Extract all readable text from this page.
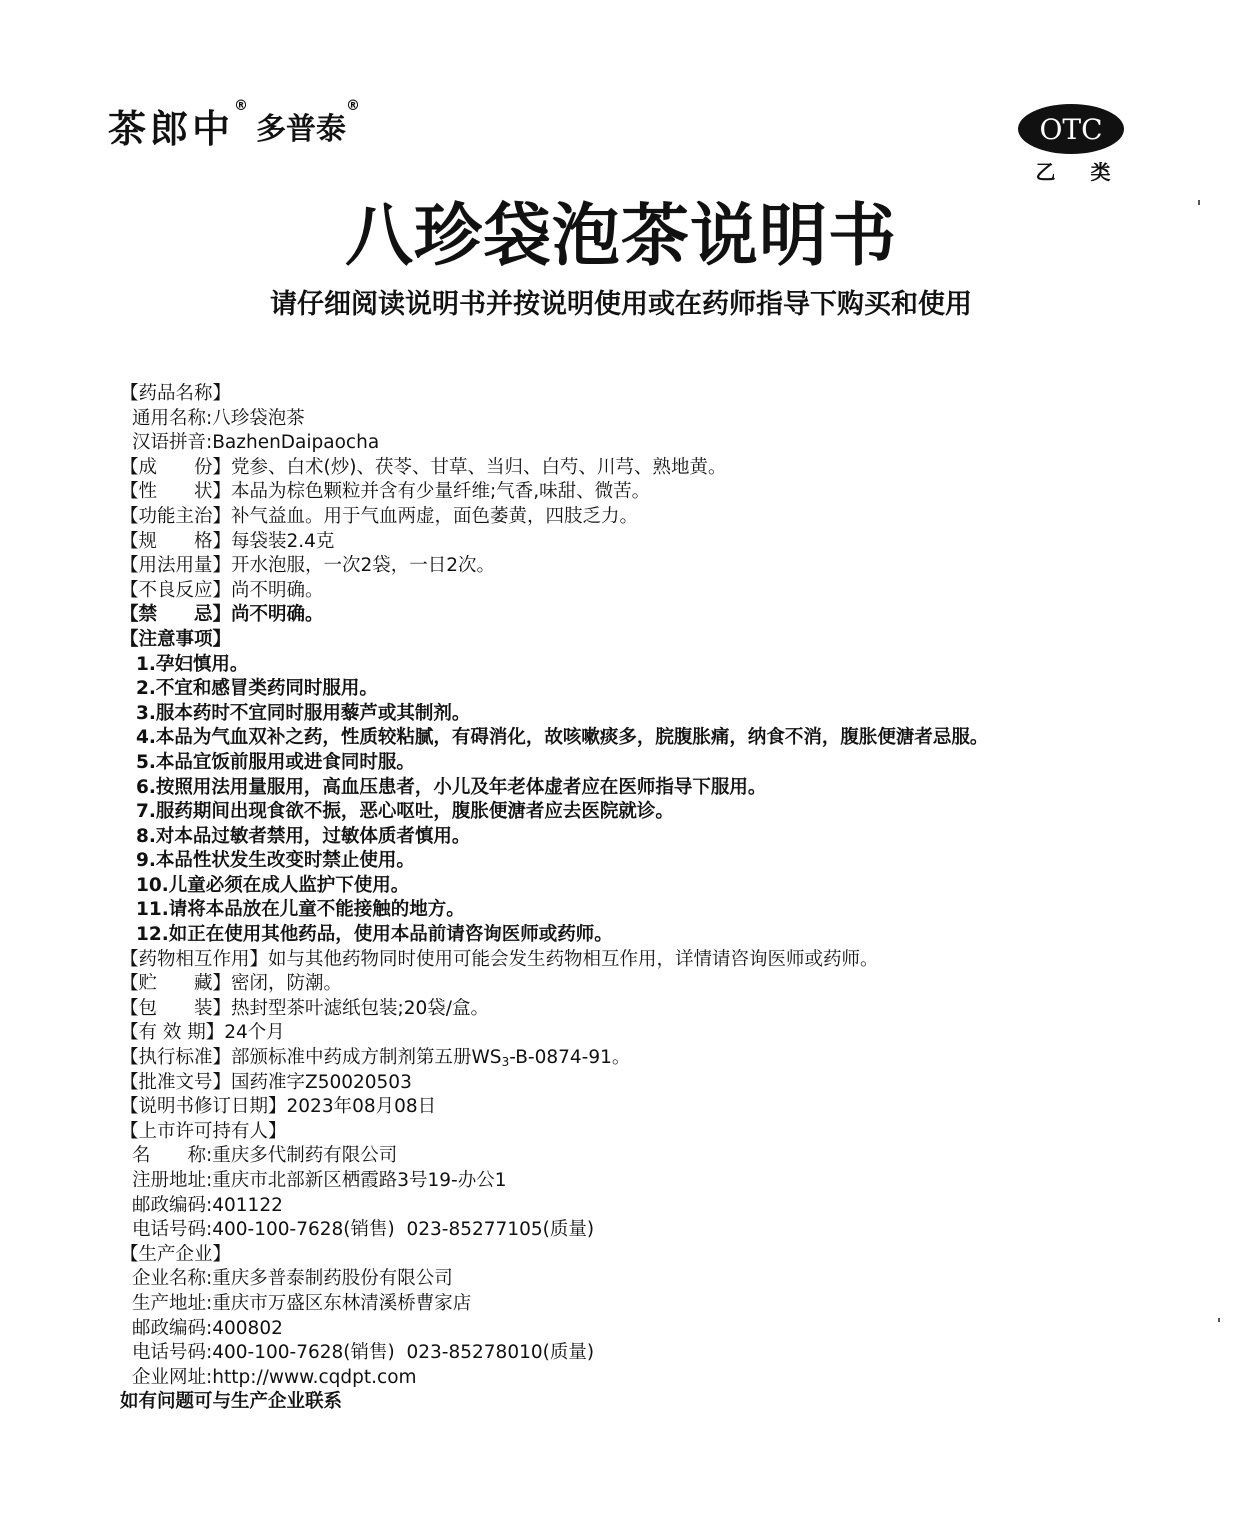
茶郎中 ®
多普泰
®
OTC
乙 类
八珍袋泡茶说明书
请仔细阅读说明书并按说明使用或在药师指导下购买和使用
【药品名称】
通用名称:八珍袋泡茶
汉语拼音:BazhenDaipaocha
【成　　份】党参、白术(炒)、茯苓、甘草、当归、白芍、川芎、熟地黄。
【性　　状】本品为棕色颗粒并含有少量纤维;气香,味甜、微苦。
【功能主治】补气益血。用于气血两虚，面色萎黄，四肢乏力。
【规　　格】每袋装2.4克
【用法用量】开水泡服，一次2袋，一日2次。
【不良反应】尚不明确。
【禁　　忌】尚不明确。
【注意事项】
1.孕妇慎用。
2.不宜和感冒类药同时服用。
3.服本药时不宜同时服用藜芦或其制剂。
4.本品为气血双补之药，性质较粘腻，有碍消化，故咳嗽痰多，脘腹胀痛，纳食不消，腹胀便溏者忌服。
5.本品宜饭前服用或进食同时服。
6.按照用法用量服用，高血压患者，小儿及年老体虚者应在医师指导下服用。
7.服药期间出现食欲不振，恶心呕吐，腹胀便溏者应去医院就诊。
8.对本品过敏者禁用，过敏体质者慎用。
9.本品性状发生改变时禁止使用。
10.儿童必须在成人监护下使用。
11.请将本品放在儿童不能接触的地方。
12.如正在使用其他药品，使用本品前请咨询医师或药师。
【药物相互作用】如与其他药物同时使用可能会发生药物相互作用，详情请咨询医师或药师。
【贮　　藏】密闭，防潮。
【包　　装】热封型茶叶滤纸包装;20袋/盒。
【有 效 期】24个月
【执行标准】部颁标准中药成方制剂第五册$WS_3-B-0874-91$。
【批准文号】国药准字Z50020503
【说明书修订日期】2023年08月08日
【上市许可持有人】
名　　称:重庆多代制药有限公司
注册地址:重庆市北部新区栖霞路3号19-办公1
邮政编码:401122
电话号码:400-100-7628(销售)  023-85277105(质量)
【生产企业】
企业名称:重庆多普泰制药股份有限公司
生产地址:重庆市万盛区东林清溪桥曹家店
邮政编码:400802
电话号码:400-100-7628(销售)  023-85278010(质量)
企业网址:http://www.cqdpt.com
如有问题可与生产企业联系
